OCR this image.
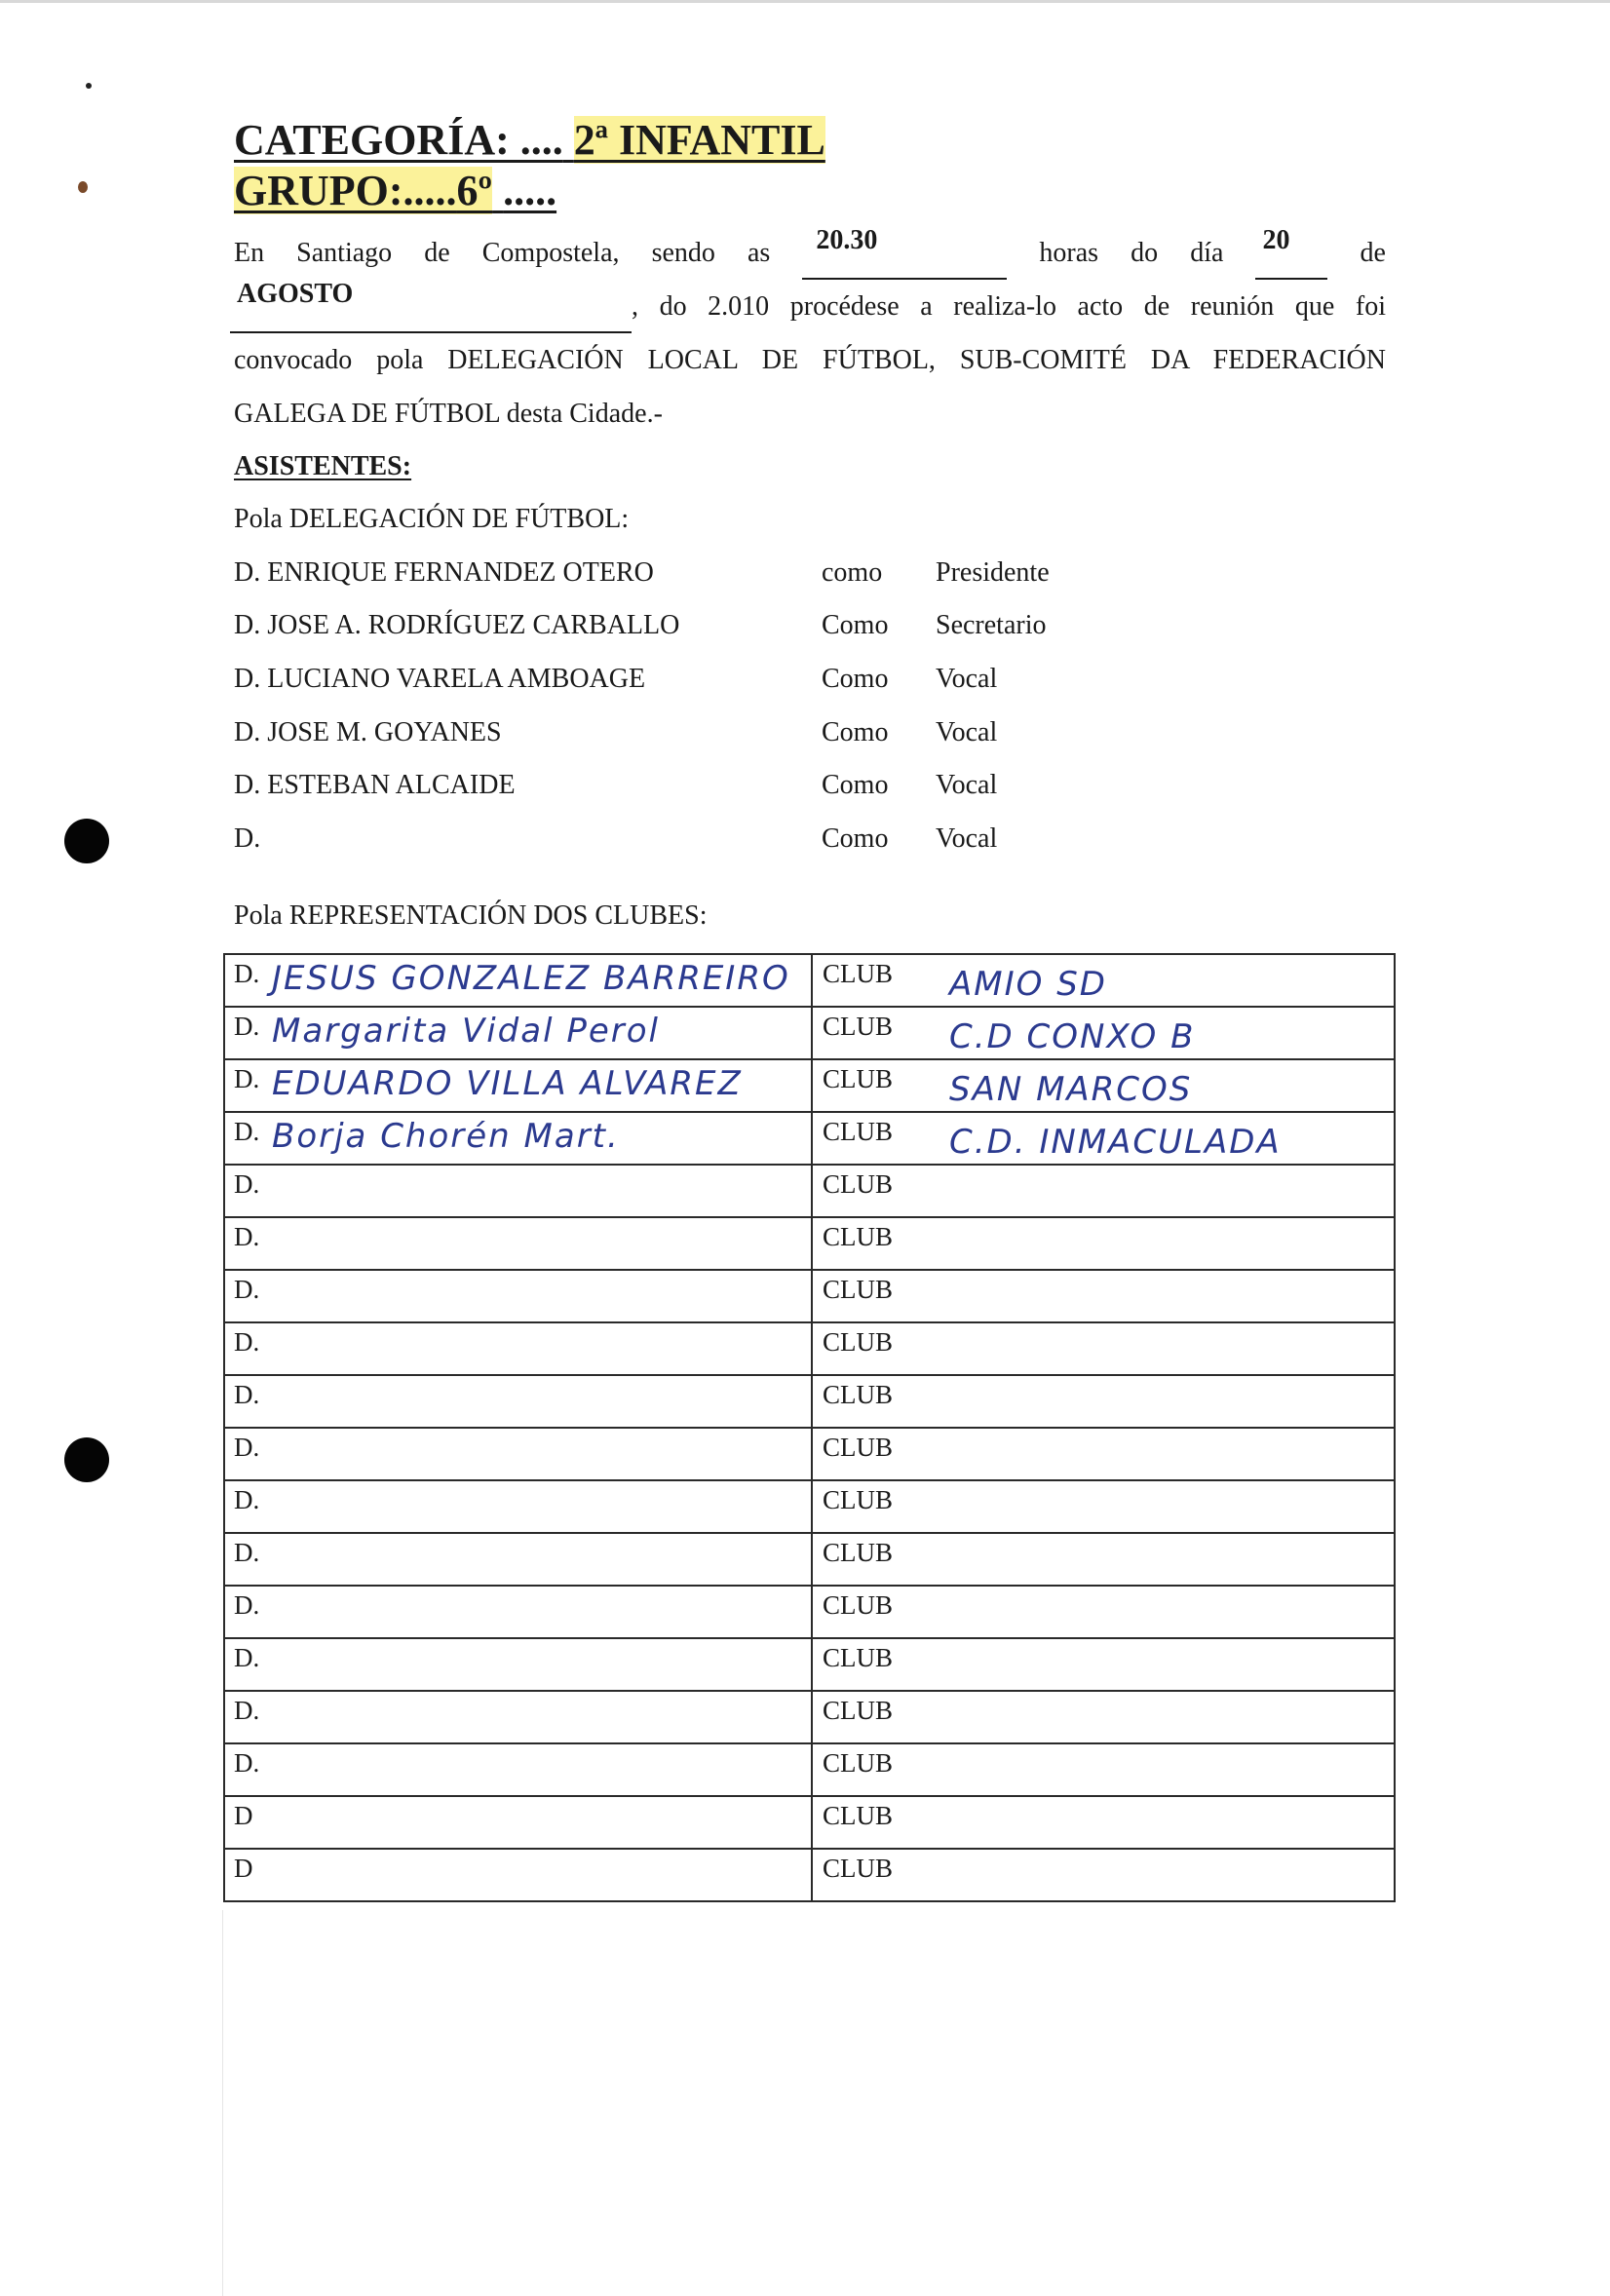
CATEGORÍA: .... 2ª INFANTIL
GRUPO:.....6º .....
En Santiago de Compostela, sendo as	20.30	horas do día 20	de
AGOSTO	, do 2.010 procédese a realiza-lo acto de reunión que foi
convocado pola DELEGACIÓN LOCAL DE FÚTBOL, SUB-COMITÉ DA FEDERACIÓN
GALEGA DE FÚTBOL desta Cidade.-
ASISTENTES:
Pola DELEGACIÓN DE FÚTBOL:
D. ENRIQUE FERNANDEZ OTERO	como Presidente
D. JOSE A. RODRÍGUEZ CARBALLO	Como Secretario
D. LUCIANO VARELA AMBOAGE	Como Vocal
D. JOSE M. GOYANES	Como Vocal
D. ESTEBAN ALCAIDE	Como Vocal
D.	Como Vocal
Pola REPRESENTACIÓN DOS CLUBES:
D. JESUS GONZALEZ BARREIRO	CLUB AMIO SD

D. Margarita Vidal Perol	CLUB C.D CONXO B

D. EDUARDO VILLA ALVAREZ	CLUB SAN MARCOS

D. Borja Chorén Mart.	CLUB C.D. INMACULADA

D.	CLUB

D.	CLUB

D.	CLUB

D.	CLUB

D.	CLUB

D.	CLUB

D.	CLUB

D.	CLUB

D.	CLUB

D.	CLUB

D.	CLUB

D.	CLUB

D	CLUB

D	CLUB
